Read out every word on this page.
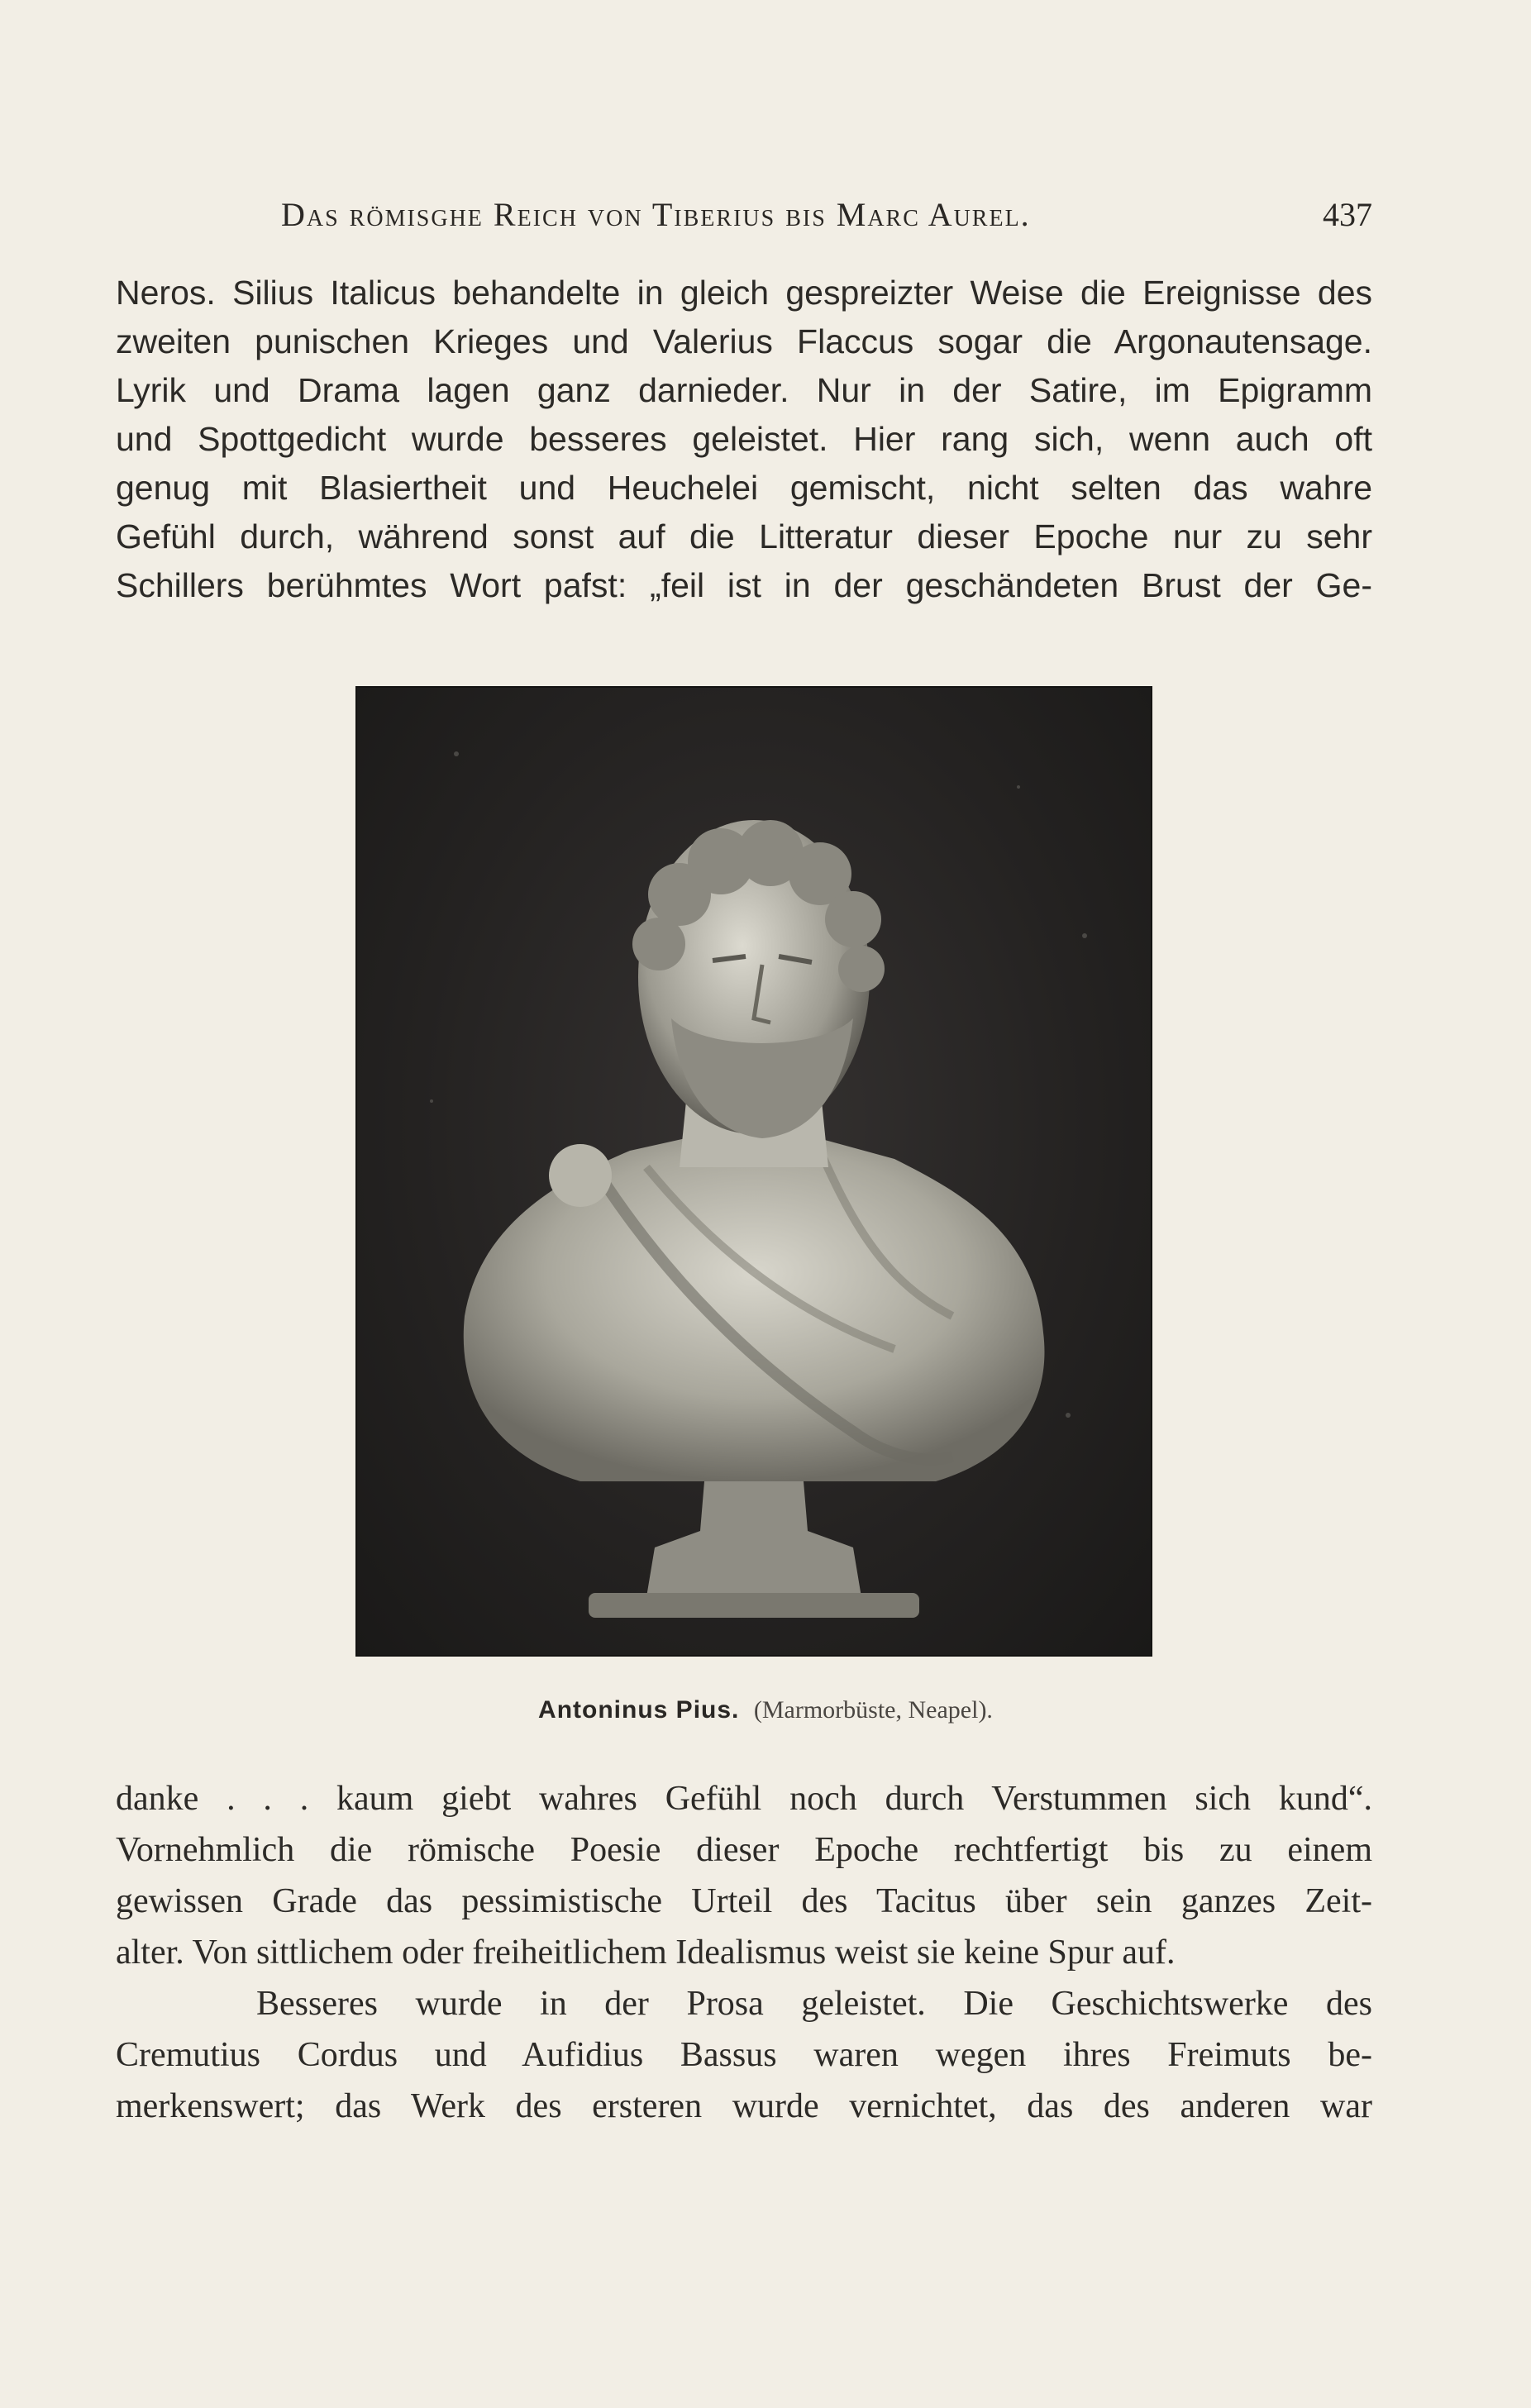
Das römisghe Reich von Tiberius bis Marc Aurel.	437
Neros. Silius Italicus behandelte in gleich gespreizter Weise die Ereignisse des
zweiten punischen Krieges und Valerius Flaccus sogar die Argonautensage.
Lyrik und Drama lagen ganz darnieder. Nur in der Satire, im Epigramm
und Spottgedicht wurde besseres geleistet. Hier rang sich, wenn auch oft
genug mit Blasiertheit und Heuchelei gemischt, nicht selten das wahre
Gefühl durch, während sonst auf die Litteratur dieser Epoche nur zu sehr
Schillers berühmtes Wort pafst: „feil ist in der geschändeten Brust der Ge-
Antoninus Pius. (Marmorbüste, Neapel).
danke . . . kaum giebt wahres Gefühl noch durch Verstummen sich kund“.
Vornehmlich die römische Poesie dieser Epoche rechtfertigt bis zu einem
gewissen Grade das pessimistische Urteil des Tacitus über sein ganzes Zeit-
alter. Von sittlichem oder freiheitlichem Idealismus weist sie keine Spur auf.
Besseres wurde in der Prosa geleistet. Die Geschichtswerke des
Cremutius Cordus und Aufidius Bassus waren wegen ihres Freimuts be-
merkenswert; das Werk des ersteren wurde vernichtet, das des anderen war
